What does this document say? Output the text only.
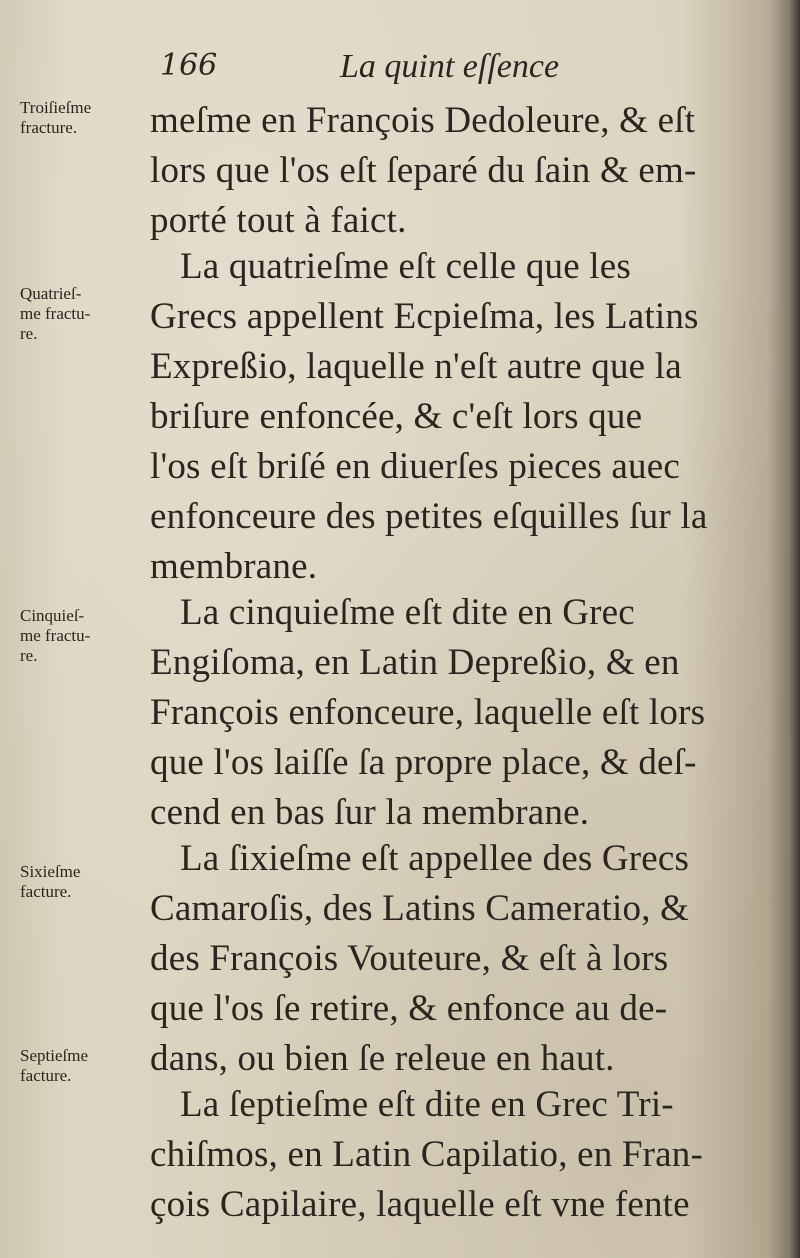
166	La quint eſſence
Troiſieſme
fracture.
Quatrieſ-
me fractu-
re.
Cinquieſ-
me fractu-
re.
Sixieſme
facture.
Septieſme
facture.
meſme en François Dedoleure, & eſt
lors que l'os eſt ſeparé du ſain & em-
porté tout à faict.
La quatrieſme eſt celle que les
Grecs appellent Ecpieſma, les Latins
Expreßio, laquelle n'eſt autre que la
briſure enfoncée, & c'eſt lors que
l'os eſt briſé en diuerſes pieces auec
enfonceure des petites eſquilles ſur la
membrane.
La cinquieſme eſt dite en Grec
Engiſoma, en Latin Depreßio, & en
François enfonceure, laquelle eſt lors
que l'os laiſſe ſa propre place, & deſ-
cend en bas ſur la membrane.
La ſixieſme eſt appellee des Grecs
Camaroſis, des Latins Cameratio, &
des François Vouteure, & eſt à lors
que l'os ſe retire, & enfonce au de-
dans, ou bien ſe releue en haut.
La ſeptieſme eſt dite en Grec Tri-
chiſmos, en Latin Capilatio, en Fran-
çois Capilaire, laquelle eſt vne fente
